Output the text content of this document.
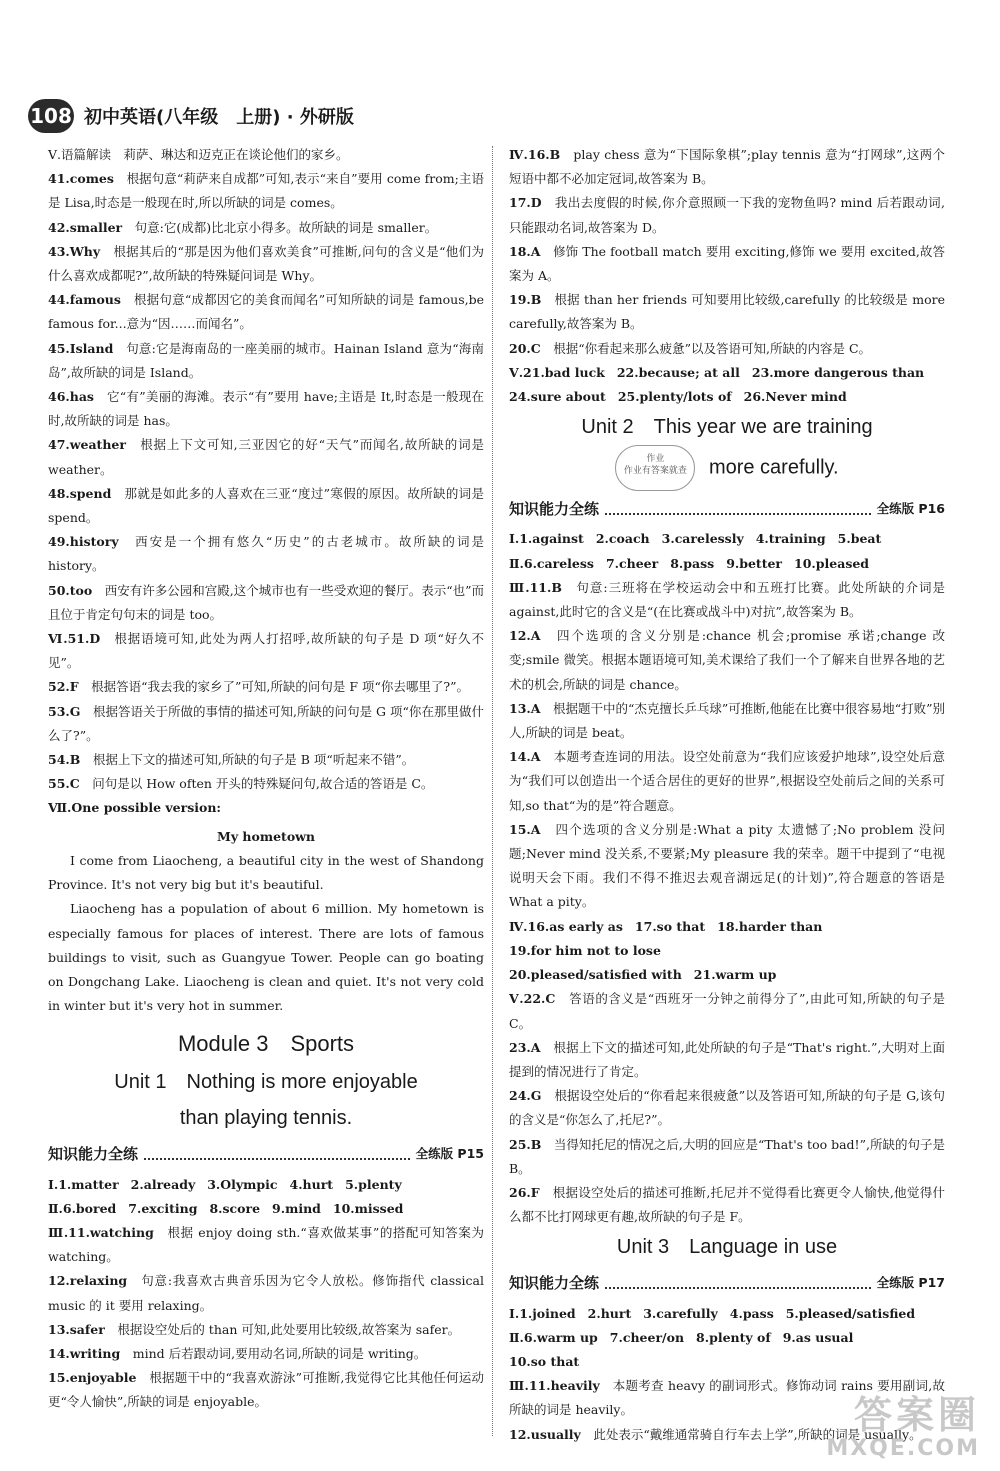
108 初中英语(八年级　上册) · 外研版

Ⅴ.语篇解读　莉萨、琳达和迈克正在谈论他们的家乡。

41.comes　 根据句意“莉萨来自成都”可知,表示“来自”要用 come from;主语是 Lisa,时态是一般现在时,所以所缺的词是 comes。

42.smaller　 句意:它(成都)比北京小得多。故所缺的词是 smaller。

43.Why　 根据其后的“那是因为他们喜欢美食”可推断,问句的含义是“他们为什么喜欢成都呢?”,故所缺的特殊疑问词是 Why。

44.famous　 根据句意“成都因它的美食而闻名”可知所缺的词是 famous,be famous for...意为“因……而闻名”。

45.Island　 句意:它是海南岛的一座美丽的城市。Hainan Island 意为“海南岛”,故所缺的词是 Island。

46.has　 它“有”美丽的海滩。表示“有”要用 have;主语是 It,时态是一般现在时,故所缺的词是 has。

47.weather　 根据上下文可知,三亚因它的好“天气”而闻名,故所缺的词是 weather。

48.spend　 那就是如此多的人喜欢在三亚“度过”寒假的原因。故所缺的词是 spend。

49.history　 西安是一个拥有悠久“历史”的古老城市。故所缺的词是 history。

50.too　 西安有许多公园和宫殿,这个城市也有一些受欢迎的餐厅。表示“也”而且位于肯定句句末的词是 too。

Ⅵ.51.D　 根据语境可知,此处为两人打招呼,故所缺的句子是 D 项“好久不见”。

52.F　 根据答语“我去我的家乡了”可知,所缺的问句是 F 项“你去哪里了?”。

53.G　 根据答语关于所做的事情的描述可知,所缺的问句是 G 项“你在那里做什么了?”。

54.B　 根据上下文的描述可知,所缺的句子是 B 项“听起来不错”。

55.C　 问句是以 How often 开头的特殊疑问句,故合适的答语是 C。

Ⅶ.One possible version:

My hometown

I come from Liaocheng, a beautiful city in the west of Shandong Province. It's not very big but it's beautiful.

Liaocheng has a population of about 6 million. My hometown is especially famous for places of interest. There are lots of famous buildings to visit, such as Guangyue Tower. People can go boating on Dongchang Lake. Liaocheng is clean and quiet. It's not very cold in winter but it's very hot in summer.

Module 3　Sports

Unit 1　Nothing is more enjoyable

than playing tennis.

知识能力全练	全练版 P15
Ⅰ.1.matter 2.already 3.Olympic 4.hurt 5.plenty
Ⅱ.6.bored 7.exciting 8.score 9.mind 10.missed

Ⅲ.11.watching　 根据 enjoy doing sth.“喜欢做某事”的搭配可知答案为 watching。

12.relaxing　 句意:我喜欢古典音乐因为它令人放松。修饰指代 classical music 的 it 要用 relaxing。

13.safer　 根据设空处后的 than 可知,此处要用比较级,故答案为 safer。

14.writing　 mind 后若跟动词,要用动名词,所缺的词是 writing。

15.enjoyable　 根据题干中的“我喜欢游泳”可推断,我觉得它比其他任何运动更“令人愉快”,所缺的词是 enjoyable。

Ⅳ.16.B　 play chess 意为“下国际象棋”;play tennis 意为“打网球”,这两个短语中都不必加定冠词,故答案为 B。

17.D　 我出去度假的时候,你介意照顾一下我的宠物鱼吗? mind 后若跟动词,只能跟动名词,故答案为 D。

18.A　 修饰 The football match 要用 exciting,修饰 we 要用 excited,故答案为 A。

19.B　 根据 than her friends 可知要用比较级,carefully 的比较级是 more carefully,故答案为 B。

20.C　 根据“你看起来那么疲惫”以及答语可知,所缺的内容是 C。

Ⅴ.21.bad luck 22.because; at all 23.more dangerous than
24.sure about 25.plenty/lots of 26.Never mind

Unit 2　This year we are training

作业
作业有答案就查 more carefully.

知识能力全练	全练版 P16
Ⅰ.1.against 2.coach 3.carelessly 4.training 5.beat
Ⅱ.6.careless 7.cheer 8.pass 9.better 10.pleased

Ⅲ.11.B　 句意:三班将在学校运动会中和五班打比赛。此处所缺的介词是 against,此时它的含义是“(在比赛或战斗中)对抗”,故答案为 B。

12.A　 四个选项的含义分别是:chance 机会;promise 承诺;change 改变;smile 微笑。根据本题语境可知,美术课给了我们一个了解来自世界各地的艺术的机会,所缺的词是 chance。

13.A　 根据题干中的“杰克擅长乒乓球”可推断,他能在比赛中很容易地“打败”别人,所缺的词是 beat。

14.A　 本题考查连词的用法。设空处前意为“我们应该爱护地球”,设空处后意为“我们可以创造出一个适合居住的更好的世界”,根据设空处前后之间的关系可知,so that“为的是”符合题意。

15.A　 四个选项的含义分别是:What a pity 太遗憾了;No problem 没问题;Never mind 没关系,不要紧;My pleasure 我的荣幸。题干中提到了“电视说明天会下雨。我们不得不推迟去观音湖远足(的计划)”,符合题意的答语是 What a pity。

Ⅳ.16.as early as 17.so that 18.harder than
19.for him not to lose
20.pleased/satisfied with 21.warm up

Ⅴ.22.C　 答语的含义是“西班牙一分钟之前得分了”,由此可知,所缺的句子是 C。

23.A　 根据上下文的描述可知,此处所缺的句子是“That's right.”,大明对上面提到的情况进行了肯定。

24.G　 根据设空处后的“你看起来很疲惫”以及答语可知,所缺的句子是 G,该句的含义是“你怎么了,托尼?”。

25.B　 当得知托尼的情况之后,大明的回应是“That's too bad!”,所缺的句子是 B。

26.F　 根据设空处后的描述可推断,托尼并不觉得看比赛更令人愉快,他觉得什么都不比打网球更有趣,故所缺的句子是 F。

Unit 3　Language in use

知识能力全练	全练版 P17
Ⅰ.1.joined 2.hurt 3.carefully 4.pass 5.pleased/satisfied
Ⅱ.6.warm up 7.cheer/on 8.plenty of 9.as usual
10.so that

Ⅲ.11.heavily　 本题考查 heavy 的副词形式。修饰动词 rains 要用副词,故所缺的词是 heavily。

12.usually　 此处表示“戴维通常骑自行车去上学”,所缺的词是 usually。

答案圈
MXQE.COM
